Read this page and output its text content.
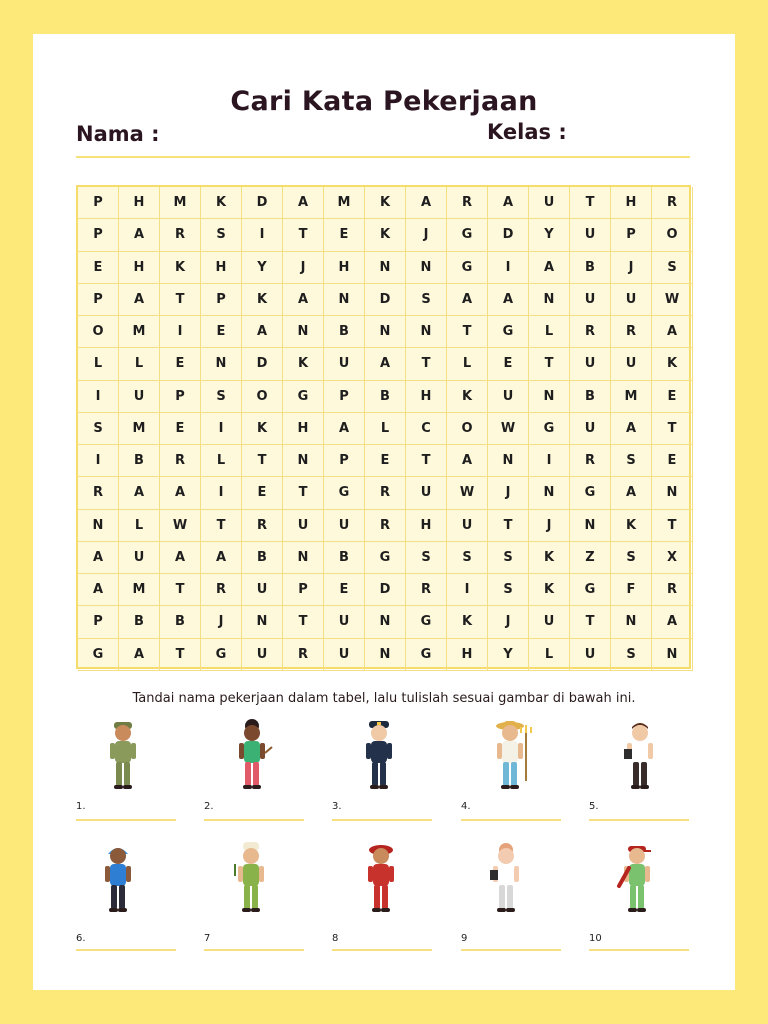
Cari Kata Pekerjaan
Nama :	Kelas :
P	H	M	K	D	A	M	K	A	R	A	U	T	H	R
P	A	R	S	I	T	E	K	J	G	D	Y	U	P	O
E	H	K	H	Y	J	H	N	N	G	I	A	B	J	S
P	A	T	P	K	A	N	D	S	A	A	N	U	U	W
O	M	I	E	A	N	B	N	N	T	G	L	R	R	A
L	L	E	N	D	K	U	A	T	L	E	T	U	U	K
I	U	P	S	O	G	P	B	H	K	U	N	B	M	E
S	M	E	I	K	H	A	L	C	O	W	G	U	A	T
I	B	R	L	T	N	P	E	T	A	N	I	R	S	E
R	A	A	I	E	T	G	R	U	W	J	N	G	A	N
N	L	W	T	R	U	U	R	H	U	T	J	N	K	T
A	U	A	A	B	N	B	G	S	S	S	K	Z	S	X
A	M	T	R	U	P	E	D	R	I	S	K	G	F	R
P	B	B	J	N	T	U	N	G	K	J	U	T	N	A
G	A	T	G	U	R	U	N	G	H	Y	L	U	S	N
Tandai nama pekerjaan dalam tabel, lalu tulislah sesuai gambar di bawah ini.
1.	2.	3.	4.	5.
6.	7	8	9	10
